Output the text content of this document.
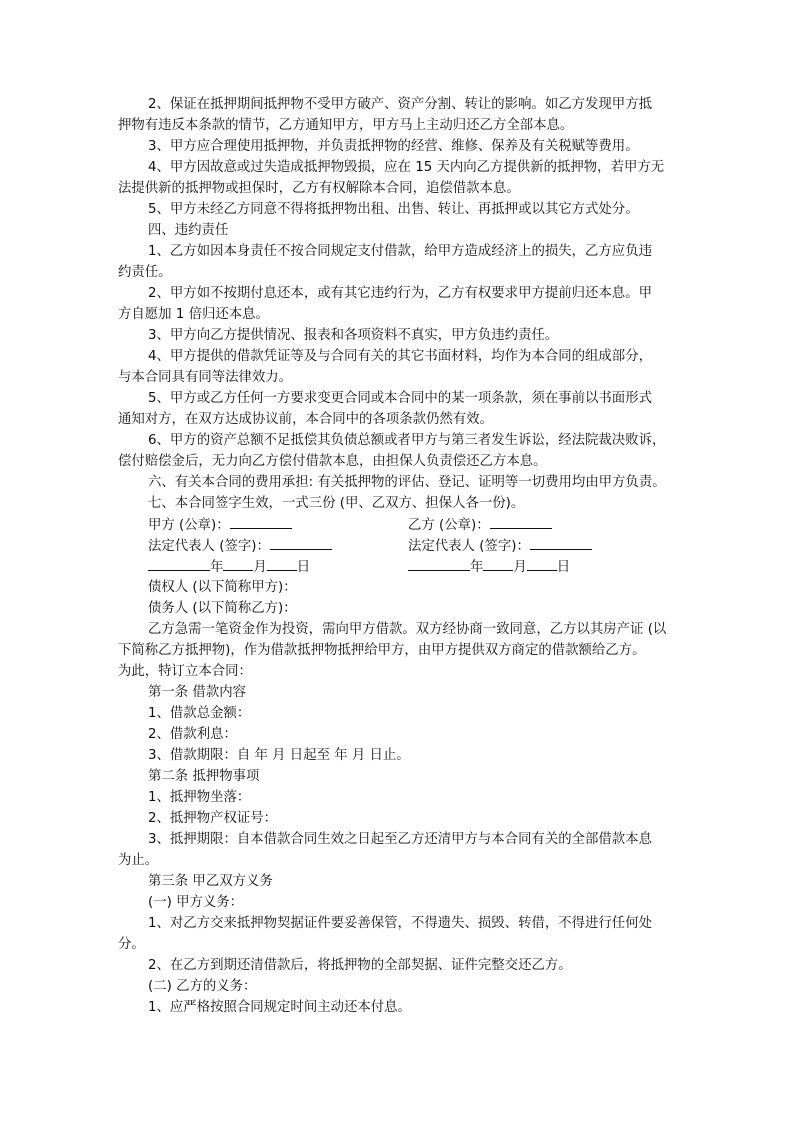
2、保证在抵押期间抵押物不受甲方破产、资产分割、转让的影响。如乙方发现甲方抵

押物有违反本条款的情节，乙方通知甲方，甲方马上主动归还乙方全部本息。

3、甲方应合理使用抵押物，并负责抵押物的经营、维修、保养及有关税赋等费用。

4、甲方因故意或过失造成抵押物毁损，应在 15 天内向乙方提供新的抵押物，若甲方无

法提供新的抵押物或担保时，乙方有权解除本合同，追偿借款本息。

5、甲方未经乙方同意不得将抵押物出租、出售、转让、再抵押或以其它方式处分。

四、违约责任

1、乙方如因本身责任不按合同规定支付借款，给甲方造成经济上的损失，乙方应负违

约责任。

2、甲方如不按期付息还本，或有其它违约行为，乙方有权要求甲方提前归还本息。甲

方自愿加 1 倍归还本息。

3、甲方向乙方提供情况、报表和各项资料不真实，甲方负违约责任。

4、甲方提供的借款凭证等及与合同有关的其它书面材料，均作为本合同的组成部分，

与本合同具有同等法律效力。

5、甲方或乙方任何一方要求变更合同或本合同中的某一项条款，须在事前以书面形式

通知对方，在双方达成协议前，本合同中的各项条款仍然有效。

6、甲方的资产总额不足抵偿其负债总额或者甲方与第三者发生诉讼，经法院裁决败诉，

偿付赔偿金后，无力向乙方偿付借款本息，由担保人负责偿还乙方本息。

六、有关本合同的费用承担: 有关抵押物的评估、登记、证明等一切费用均由甲方负责。

七、本合同签字生效，一式三份 (甲、乙双方、担保人各一份)。

甲方 (公章)：	乙方 (公章)：
法定代表人 (签字)：	法定代表人 (签字)：
年 月 日	年 月 日

债权人 (以下简称甲方)：

债务人 (以下简称乙方)：

乙方急需一笔资金作为投资，需向甲方借款。双方经协商一致同意，乙方以其房产证 (以

下简称乙方抵押物)，作为借款抵押物抵押给甲方，由甲方提供双方商定的借款额给乙方。

为此，特订立本合同：

第一条 借款内容

1、借款总金额：

2、借款利息：

3、借款期限：自 年 月 日起至 年 月 日止。

第二条 抵押物事项

1、抵押物坐落：

2、抵押物产权证号：

3、抵押期限：自本借款合同生效之日起至乙方还清甲方与本合同有关的全部借款本息

为止。

第三条 甲乙双方义务

(一) 甲方义务：

1、对乙方交来抵押物契据证件要妥善保管，不得遗失、损毁、转借，不得进行任何处

分。

2、在乙方到期还清借款后，将抵押物的全部契据、证件完整交还乙方。

(二) 乙方的义务：

1、应严格按照合同规定时间主动还本付息。
